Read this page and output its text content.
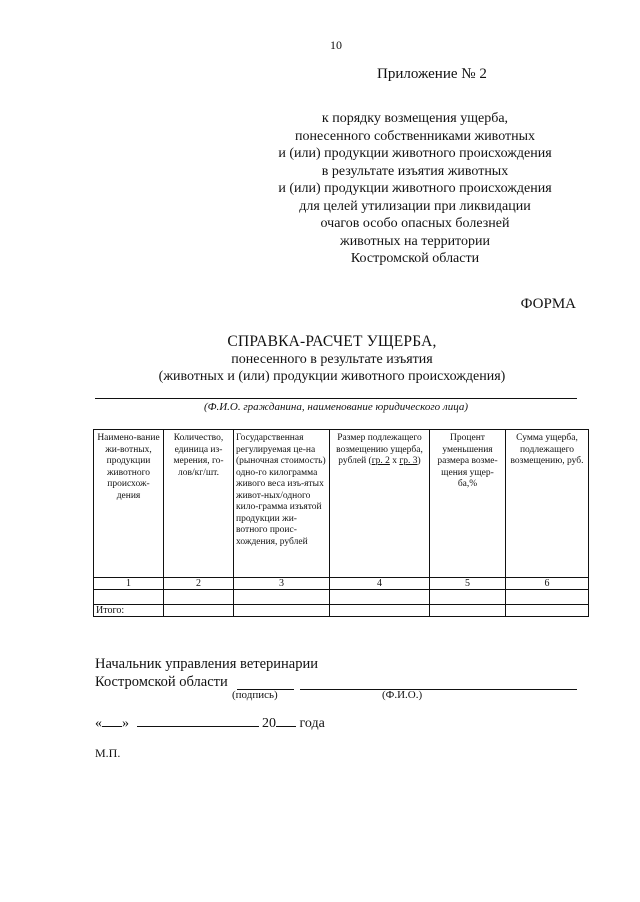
10
Приложение № 2
к порядку возмещения ущерба,
понесенного собственниками животных
и (или) продукции животного происхождения
в результате изъятия животных
и (или) продукции животного происхождения
для целей утилизации при ликвидации
очагов особо опасных болезней
животных на территории
Костромской области
ФОРМА
СПРАВКА-РАСЧЕТ УЩЕРБА,
понесенного в результате изъятия
(животных и (или) продукции животного происхождения)
(Ф.И.О. гражданина, наименование юридического лица)
Наимено-вание жи-вотных, продукции животного происхож-дения	Количество, единица из-мерения, го-лов/кг/шт.	Государственная регулируемая це-на (рыночная стоимость) одно-го килограмма живого веса изъ-ятых живот-ных/одного кило-грамма изъятой продукции жи-вотного проис-хождения, рублей	Размер подлежащего возмещению ущерба, рублей (гр. 2 x гр. 3)	Процент уменьшения размера возме-щения ущер-ба,%	Сумма ущерба, подлежащего возмещению, руб.
1	2	3	4	5	6

Итого:					
Начальник управления ветеринарии
Костромской области
(подпись)	(Ф.И.О.)
« »	20 года
М.П.
